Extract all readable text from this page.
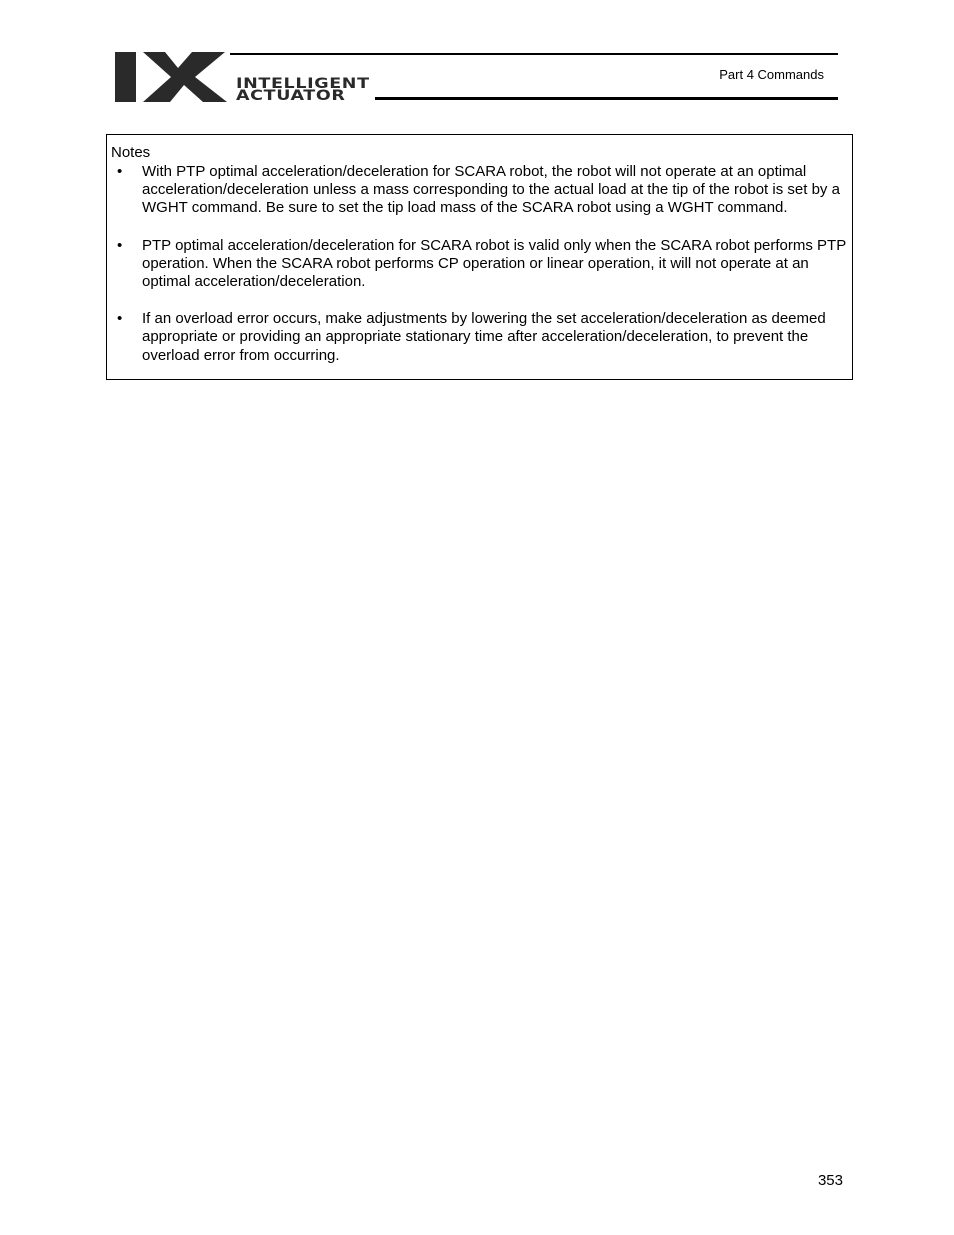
INTELLIGENT
ACTUATOR
Part 4 Commands
Notes
• With PTP optimal acceleration/deceleration for SCARA robot, the robot will not operate at an optimal acceleration/deceleration unless a mass corresponding to the actual load at the tip of the robot is set by a WGHT command. Be sure to set the tip load mass of the SCARA robot using a WGHT command.
• PTP optimal acceleration/deceleration for SCARA robot is valid only when the SCARA robot performs PTP operation. When the SCARA robot performs CP operation or linear operation, it will not operate at an optimal acceleration/deceleration.
• If an overload error occurs, make adjustments by lowering the set acceleration/deceleration as deemed appropriate or providing an appropriate stationary time after acceleration/deceleration, to prevent the overload error from occurring.
353
